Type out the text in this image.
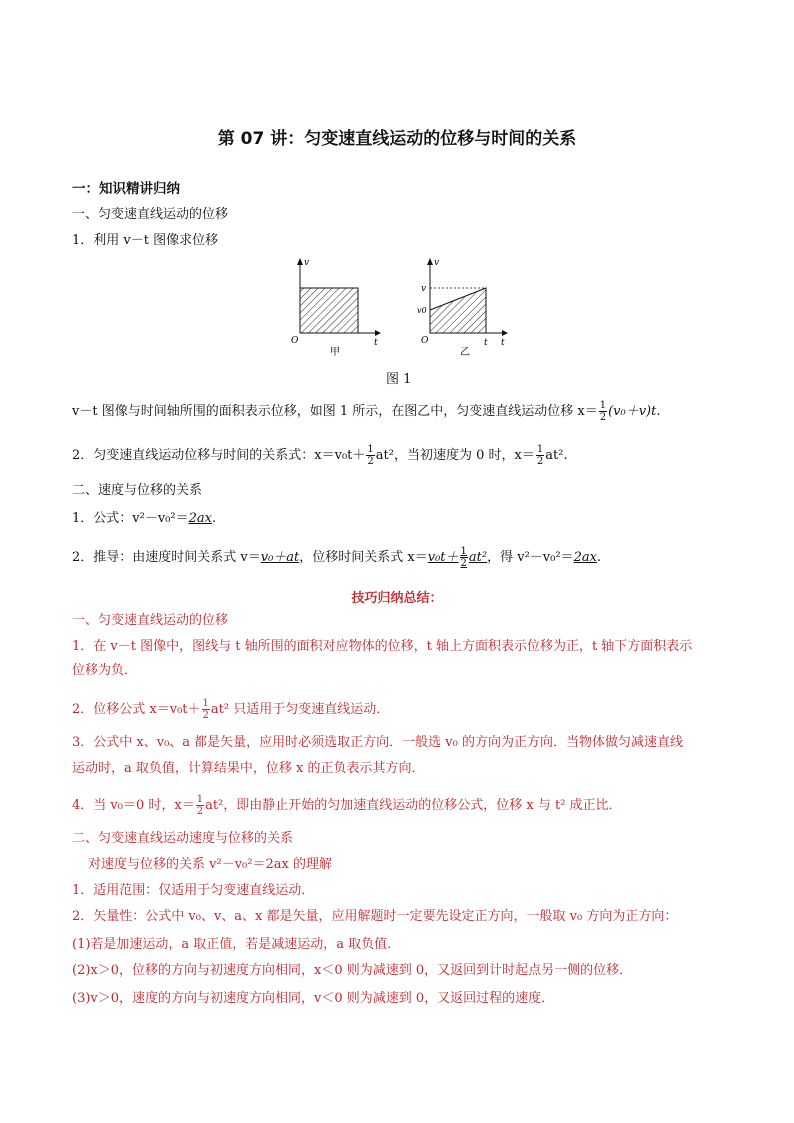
第 07 讲：匀变速直线运动的位移与时间的关系
一：知识精讲归纳
一、匀变速直线运动的位移
1．利用 v－t 图像求位移
v
t
O
甲
v
t
O
v
v0
t
乙
图 1
v－t 图像与时间轴所围的面积表示位移，如图 1 所示，在图乙中，匀变速直线运动位移 $x= \frac{1}{2} (v_0+v)t$.
2．匀变速直线运动位移与时间的关系式：$x=v_0t+ \frac{1}{2} at^2$，当初速度为 0 时，$x= \frac{1}{2} at^2$.
二、速度与位移的关系
1．公式：v²－v₀²＝2ax.
2．推导：由速度时间关系式 v＝v₀＋at，位移时间关系式 $x=v_0t+ \frac{1}{2} at^2$，得 v²－v₀²＝2ax.
技巧归纳总结：
一、匀变速直线运动的位移
1．在 v－t 图像中，图线与 t 轴所围的面积对应物体的位移，t 轴上方面积表示位移为正，t 轴下方面积表示
位移为负．
2．位移公式 $x=v_0t+ \frac{1}{2} at^2$ 只适用于匀变速直线运动．
3．公式中 x、v₀、a 都是矢量，应用时必须选取正方向．一般选 v₀ 的方向为正方向．当物体做匀减速直线
运动时，a 取负值，计算结果中，位移 x 的正负表示其方向．
4．当 v₀＝0 时，$x= \frac{1}{2} at^2$，即由静止开始的匀加速直线运动的位移公式，位移 x 与 t² 成正比．
二、匀变速直线运动速度与位移的关系
对速度与位移的关系 v²－v₀²＝2ax 的理解
1．适用范围：仅适用于匀变速直线运动．
2．矢量性：公式中 v₀、v、a、x 都是矢量，应用解题时一定要先设定正方向，一般取 v₀ 方向为正方向：
(1)若是加速运动，a 取正值，若是减速运动，a 取负值．
(2)x＞0，位移的方向与初速度方向相同，x＜0 则为减速到 0，又返回到计时起点另一侧的位移．
(3)v＞0，速度的方向与初速度方向相同，v＜0 则为减速到 0，又返回过程的速度．
